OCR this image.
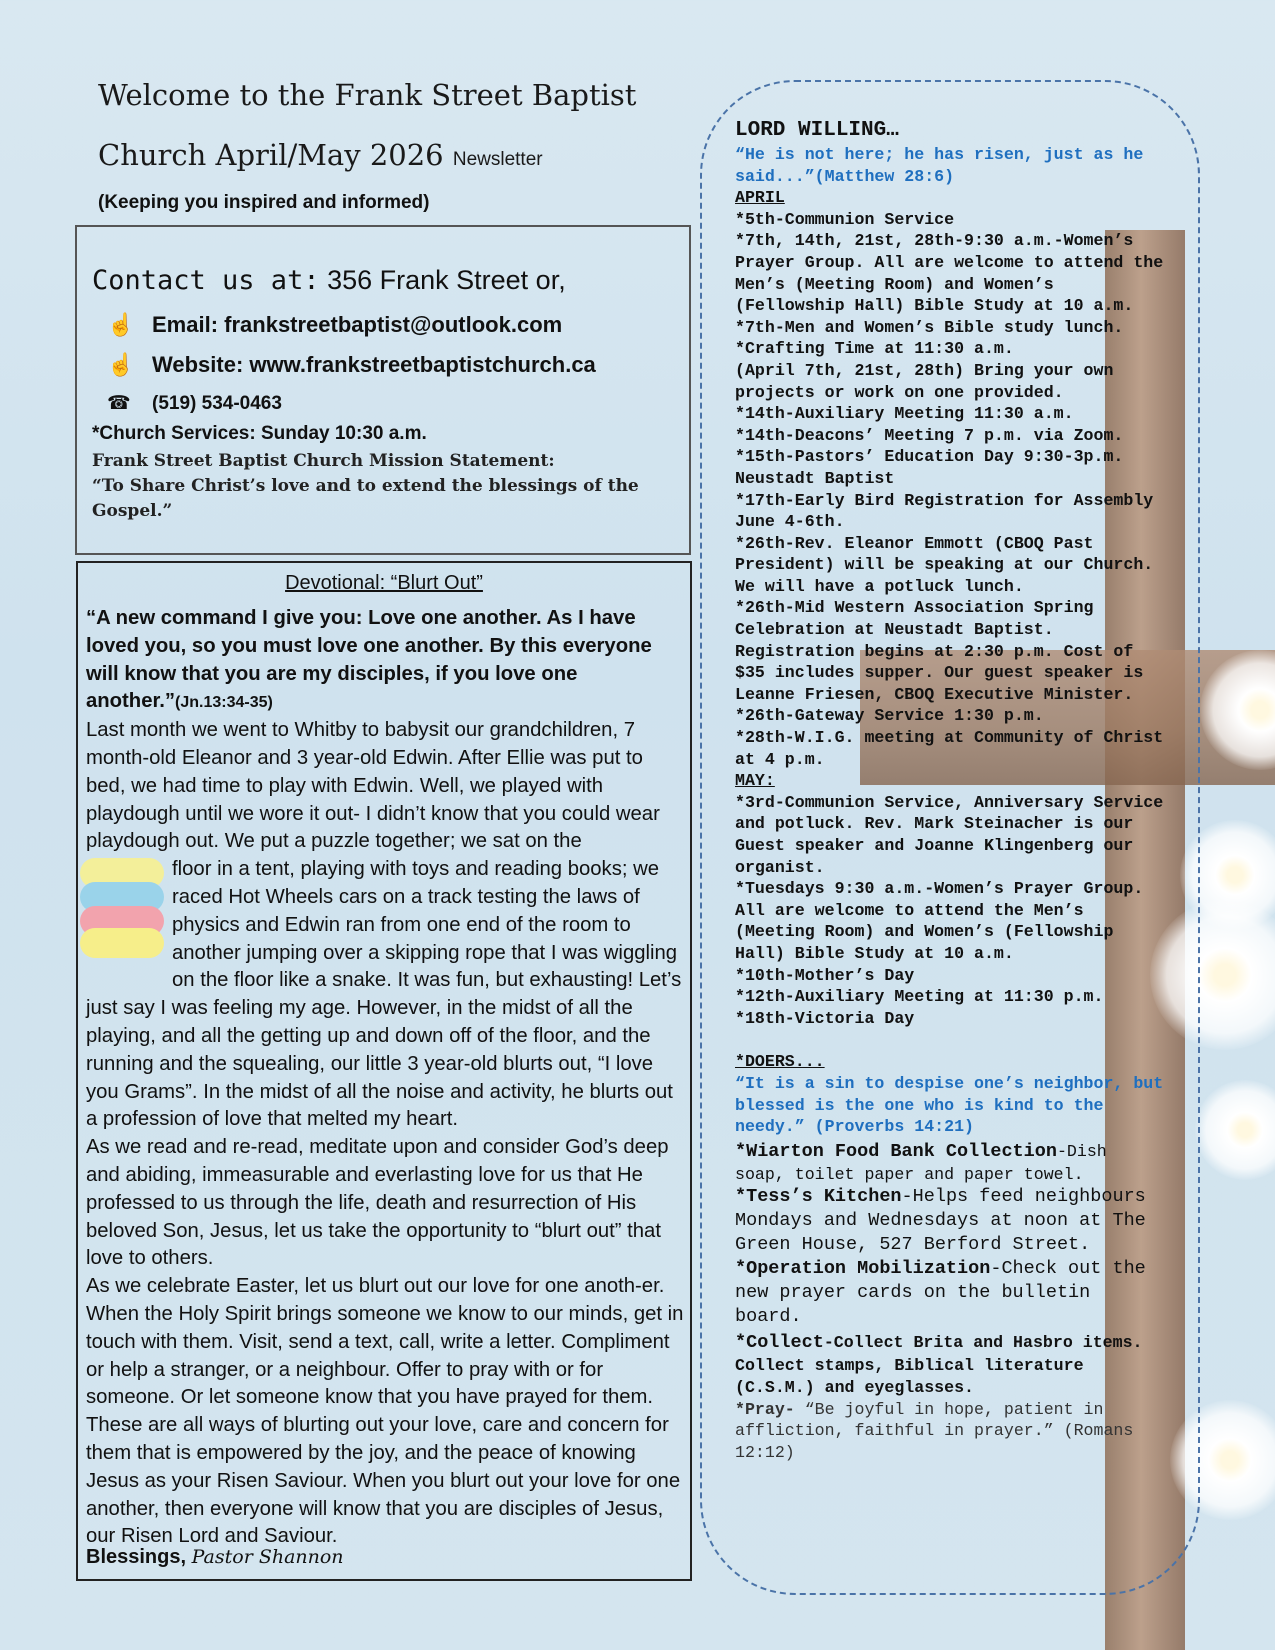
Welcome to the Frank Street Baptist
Church April/May 2026 Newsletter
(Keeping you inspired and informed)
Contact us at: 356 Frank Street or,
☝ Email: frankstreetbaptist@outlook.com
☝ Website: www.frankstreetbaptistchurch.ca
☎ (519) 534-0463
*Church Services: Sunday 10:30 a.m.
Frank Street Baptist Church Mission Statement:
“To Share Christ’s love and to extend the blessings of the Gospel.”
Devotional: “Blurt Out”

“A new command I give you: Love one another. As I have loved you, so you must love one another. By this everyone will know that you are my disciples, if you love one another.”(Jn.13:34-35)

Last month we went to Whitby to babysit our grandchildren, 7 month-old Eleanor and 3 year-old Edwin. After Ellie was put to bed, we had time to play with Edwin. Well, we played with playdough until we wore it out- I didn’t know that you could wear playdough out. We put a puzzle together; we sat on the

floor in a tent, playing with toys and reading books; we raced Hot Wheels cars on a track testing the laws of physics and Edwin ran from one end of the room to another jumping over a skipping rope that I was wiggling on the floor like a snake. It was fun, but exhausting! Let’s just say I was feeling my age. However, in the midst of all the playing, and all the getting up and down off of the floor, and the running and the squealing, our little 3 year-old blurts out, “I love you Grams”. In the midst of all the noise and activity, he blurts out a profession of love that melted my heart.

As we read and re-read, meditate upon and consider God’s deep and abiding, immeasurable and everlasting love for us that He professed to us through the life, death and resurrection of His beloved Son, Jesus, let us take the opportunity to “blurt out” that love to others.

As we celebrate Easter, let us blurt out our love for one anoth-er. When the Holy Spirit brings someone we know to our minds, get in touch with them. Visit, send a text, call, write a letter. Compliment or help a stranger, or a neighbour. Offer to pray with or for someone. Or let someone know that you have prayed for them. These are all ways of blurting out your love, care and concern for them that is empowered by the joy, and the peace of knowing Jesus as your Risen Saviour. When you blurt out your love for one another, then everyone will know that you are disciples of Jesus, our Risen Lord and Saviour.

Blessings, Pastor Shannon
LORD WILLING…
“He is not here; he has risen, just as he said...”(Matthew 28:6)
APRIL
*5th-Communion Service
*7th, 14th, 21st, 28th-9:30 a.m.-Women’s Prayer Group. All are welcome to attend the Men’s (Meeting Room) and Women’s (Fellowship Hall) Bible Study at 10 a.m.
*7th-Men and Women’s Bible study lunch.
*Crafting Time at 11:30 a.m.
(April 7th, 21st, 28th) Bring your own projects or work on one provided.
*14th-Auxiliary Meeting 11:30 a.m.
*14th-Deacons’ Meeting 7 p.m. via Zoom.
*15th-Pastors’ Education Day 9:30-3p.m. Neustadt Baptist
*17th-Early Bird Registration for Assembly June 4-6th.
*26th-Rev. Eleanor Emmott (CBOQ Past President) will be speaking at our Church. We will have a potluck lunch.
*26th-Mid Western Association Spring Celebration at Neustadt Baptist. Registration begins at 2:30 p.m. Cost of $35 includes supper. Our guest speaker is Leanne Friesen, CBOQ Executive Minister.
*26th-Gateway Service 1:30 p.m.
*28th-W.I.G. meeting at Community of Christ at 4 p.m.
MAY:
*3rd-Communion Service, Anniversary Service and potluck. Rev. Mark Steinacher is our Guest speaker and Joanne Klingenberg our organist.
*Tuesdays 9:30 a.m.-Women’s Prayer Group. All are welcome to attend the Men’s (Meeting Room) and Women’s (Fellowship Hall) Bible Study at 10 a.m.
*10th-Mother’s Day
*12th-Auxiliary Meeting at 11:30 p.m.
*18th-Victoria Day
*DOERS...
“It is a sin to despise one’s neighbor, but blessed is the one who is kind to the needy.” (Proverbs 14:21)
*Wiarton Food Bank Collection-Dish soap, toilet paper and paper towel.
*Tess’s Kitchen-Helps feed neighbours Mondays and Wednesdays at noon at The Green House, 527 Berford Street.
*Operation Mobilization-Check out the new prayer cards on the bulletin board.
*Collect-Collect Brita and Hasbro items. Collect stamps, Biblical literature (C.S.M.) and eyeglasses.
*Pray- “Be joyful in hope, patient in affliction, faithful in prayer.” (Romans 12:12)
